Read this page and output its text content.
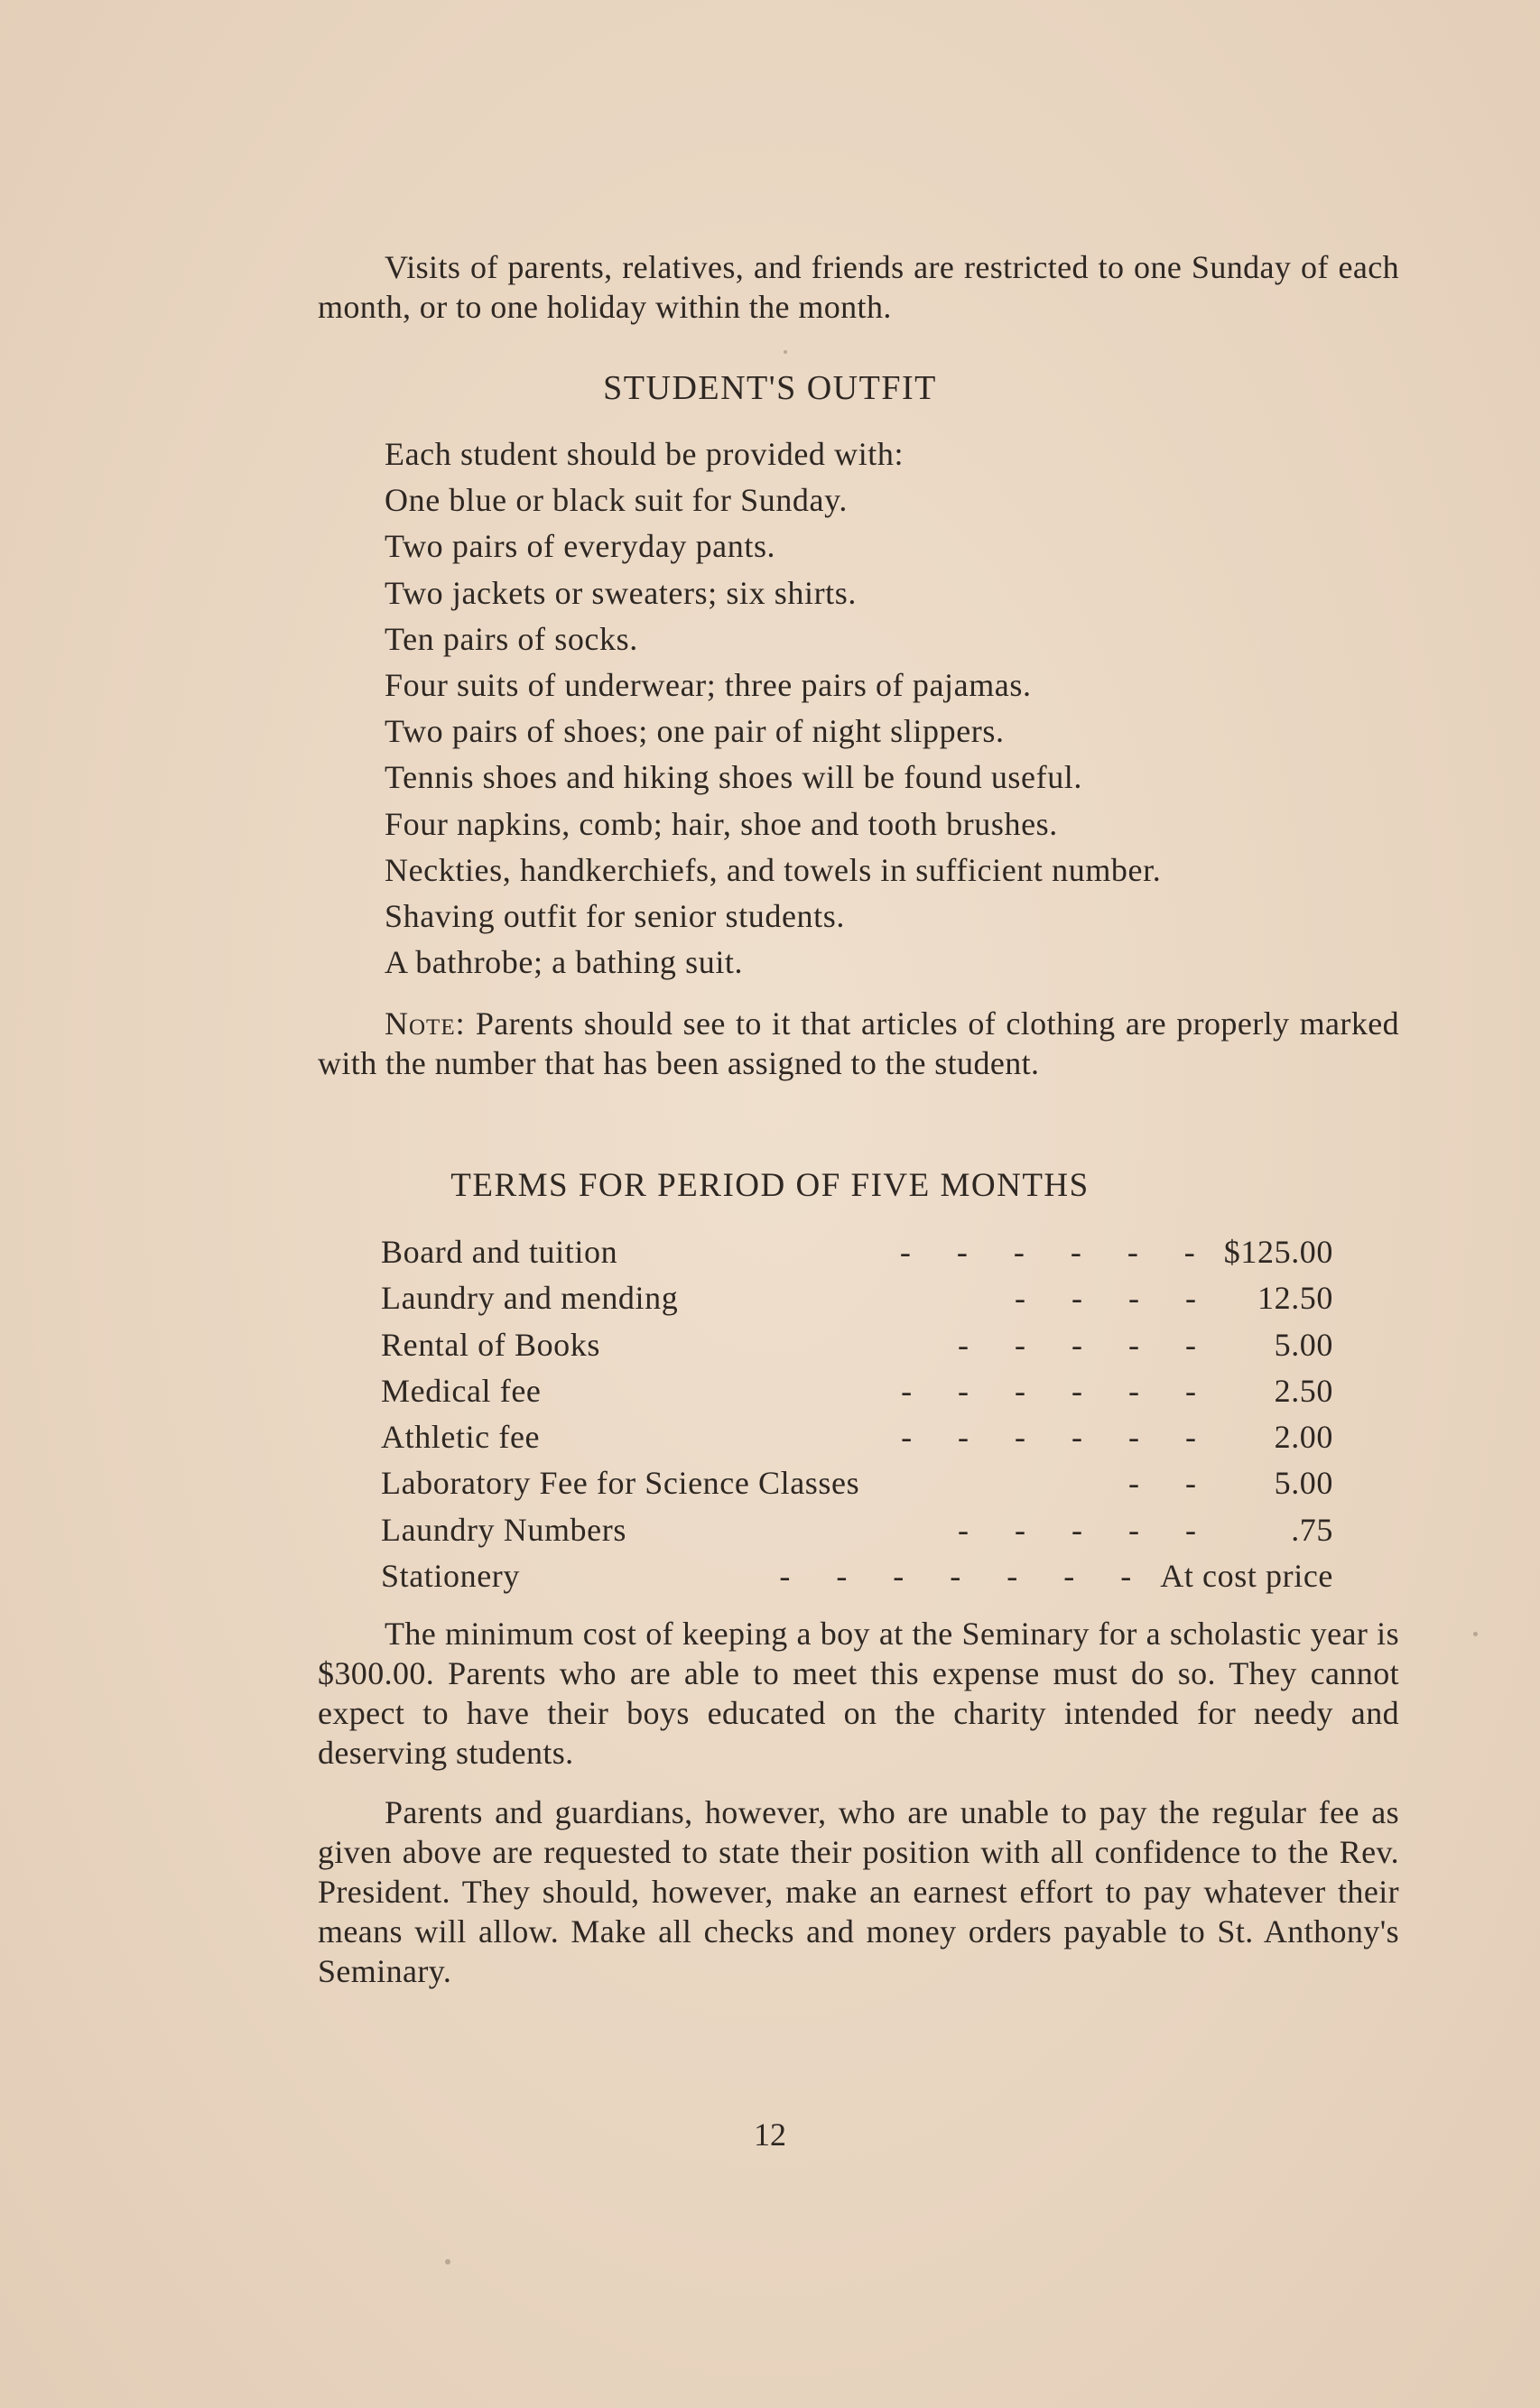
Visits of parents, relatives, and friends are restricted to one Sunday of each month, or to one holiday within the month.

STUDENT'S OUTFIT
Each student should be provided with:
One blue or black suit for Sunday.
Two pairs of everyday pants.
Two jackets or sweaters; six shirts.
Ten pairs of socks.
Four suits of underwear; three pairs of pajamas.
Two pairs of shoes; one pair of night slippers.
Tennis shoes and hiking shoes will be found useful.
Four napkins, comb; hair, shoe and tooth brushes.
Neckties, handkerchiefs, and towels in sufficient number.
Shaving outfit for senior students.
A bathrobe; a bathing suit.

Note: Parents should see to it that articles of clothing are properly marked with the number that has been assigned to the student.

TERMS FOR PERIOD OF FIVE MONTHS
Board and tuition	- - - - - - $125.00
Laundry and mending	- - - -	12.50
Rental of Books	- - - - -	5.00
Medical fee	- - - - - -	2.50
Athletic fee	- - - - - -	2.00
Laboratory Fee for Science Classes	- -	5.00
Laundry Numbers	- - - - -	.75
Stationery	- - - - - - - At cost price

The minimum cost of keeping a boy at the Seminary for a scholastic year is $300.00. Parents who are able to meet this expense must do so. They cannot expect to have their boys educated on the charity intended for needy and deserving students.

Parents and guardians, however, who are unable to pay the regular fee as given above are requested to state their position with all confidence to the Rev. President. They should, however, make an earnest effort to pay whatever their means will allow. Make all checks and money orders payable to St. Anthony's Seminary.

12
